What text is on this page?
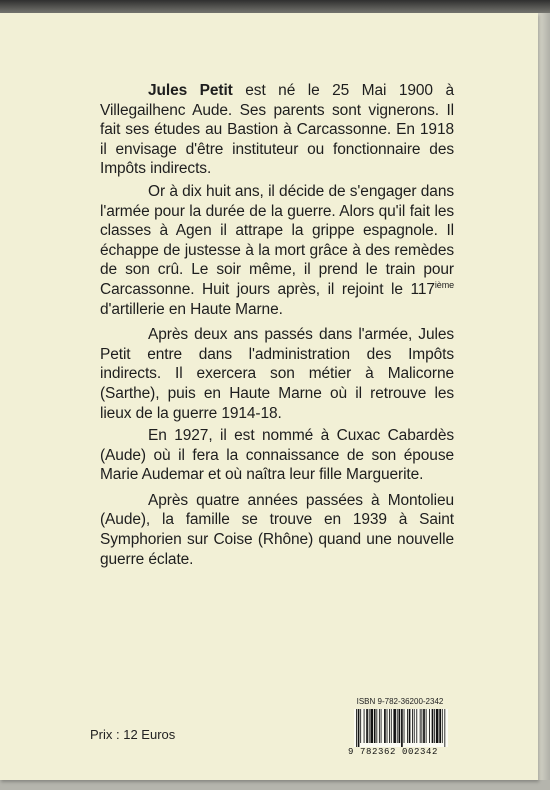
Jules Petit est né le 25 Mai 1900 à Villegailhenc Aude. Ses parents sont vignerons. Il fait ses études au Bastion à Carcassonne. En 1918 il envisage d'être instituteur ou fonctionnaire des Impôts indirects.

Or à dix huit ans, il décide de s'engager dans l'armée pour la durée de la guerre. Alors qu'il fait les classes à Agen il attrape la grippe espagnole. Il échappe de justesse à la mort grâce à des remèdes de son crû. Le soir même, il prend le train pour Carcassonne. Huit jours après, il rejoint le 117ième d'artillerie en Haute Marne.

Après deux ans passés dans l'armée, Jules Petit entre dans l'administration des Impôts indirects. Il exercera son métier à Malicorne (Sarthe), puis en Haute Marne où il retrouve les lieux de la guerre 1914-18.

En 1927, il est nommé à Cuxac Cabardès (Aude) où il fera la connaissance de son épouse Marie Audemar et où naîtra leur fille Marguerite.

Après quatre années passées à Montolieu (Aude), la famille se trouve en 1939 à Saint Symphorien sur Coise (Rhône) quand une nouvelle guerre éclate.

Prix : 12 Euros
ISBN 9-782-36200-2342
9 782362 002342
